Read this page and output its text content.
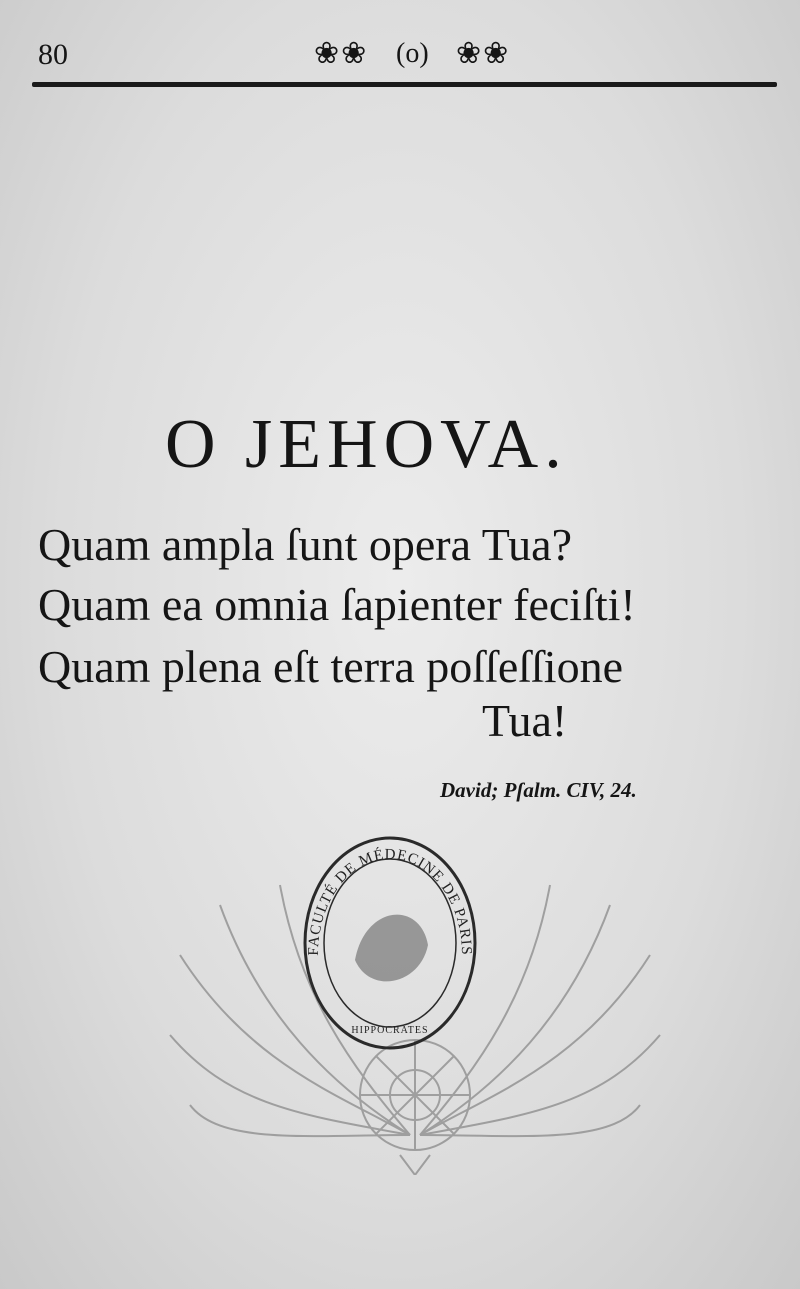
80	❀❀ (o) ❀❀
O JEHOVA.
Quam ampla ſunt opera Tua?
Quam ea omnia ſapienter feciſti!
Quam plena eſt terra poſſeſſione
Tua!
David; Pſalm. CIV, 24.
FACULTÉ DE MÉDECINE DE PARIS
HIPPOCRATES
